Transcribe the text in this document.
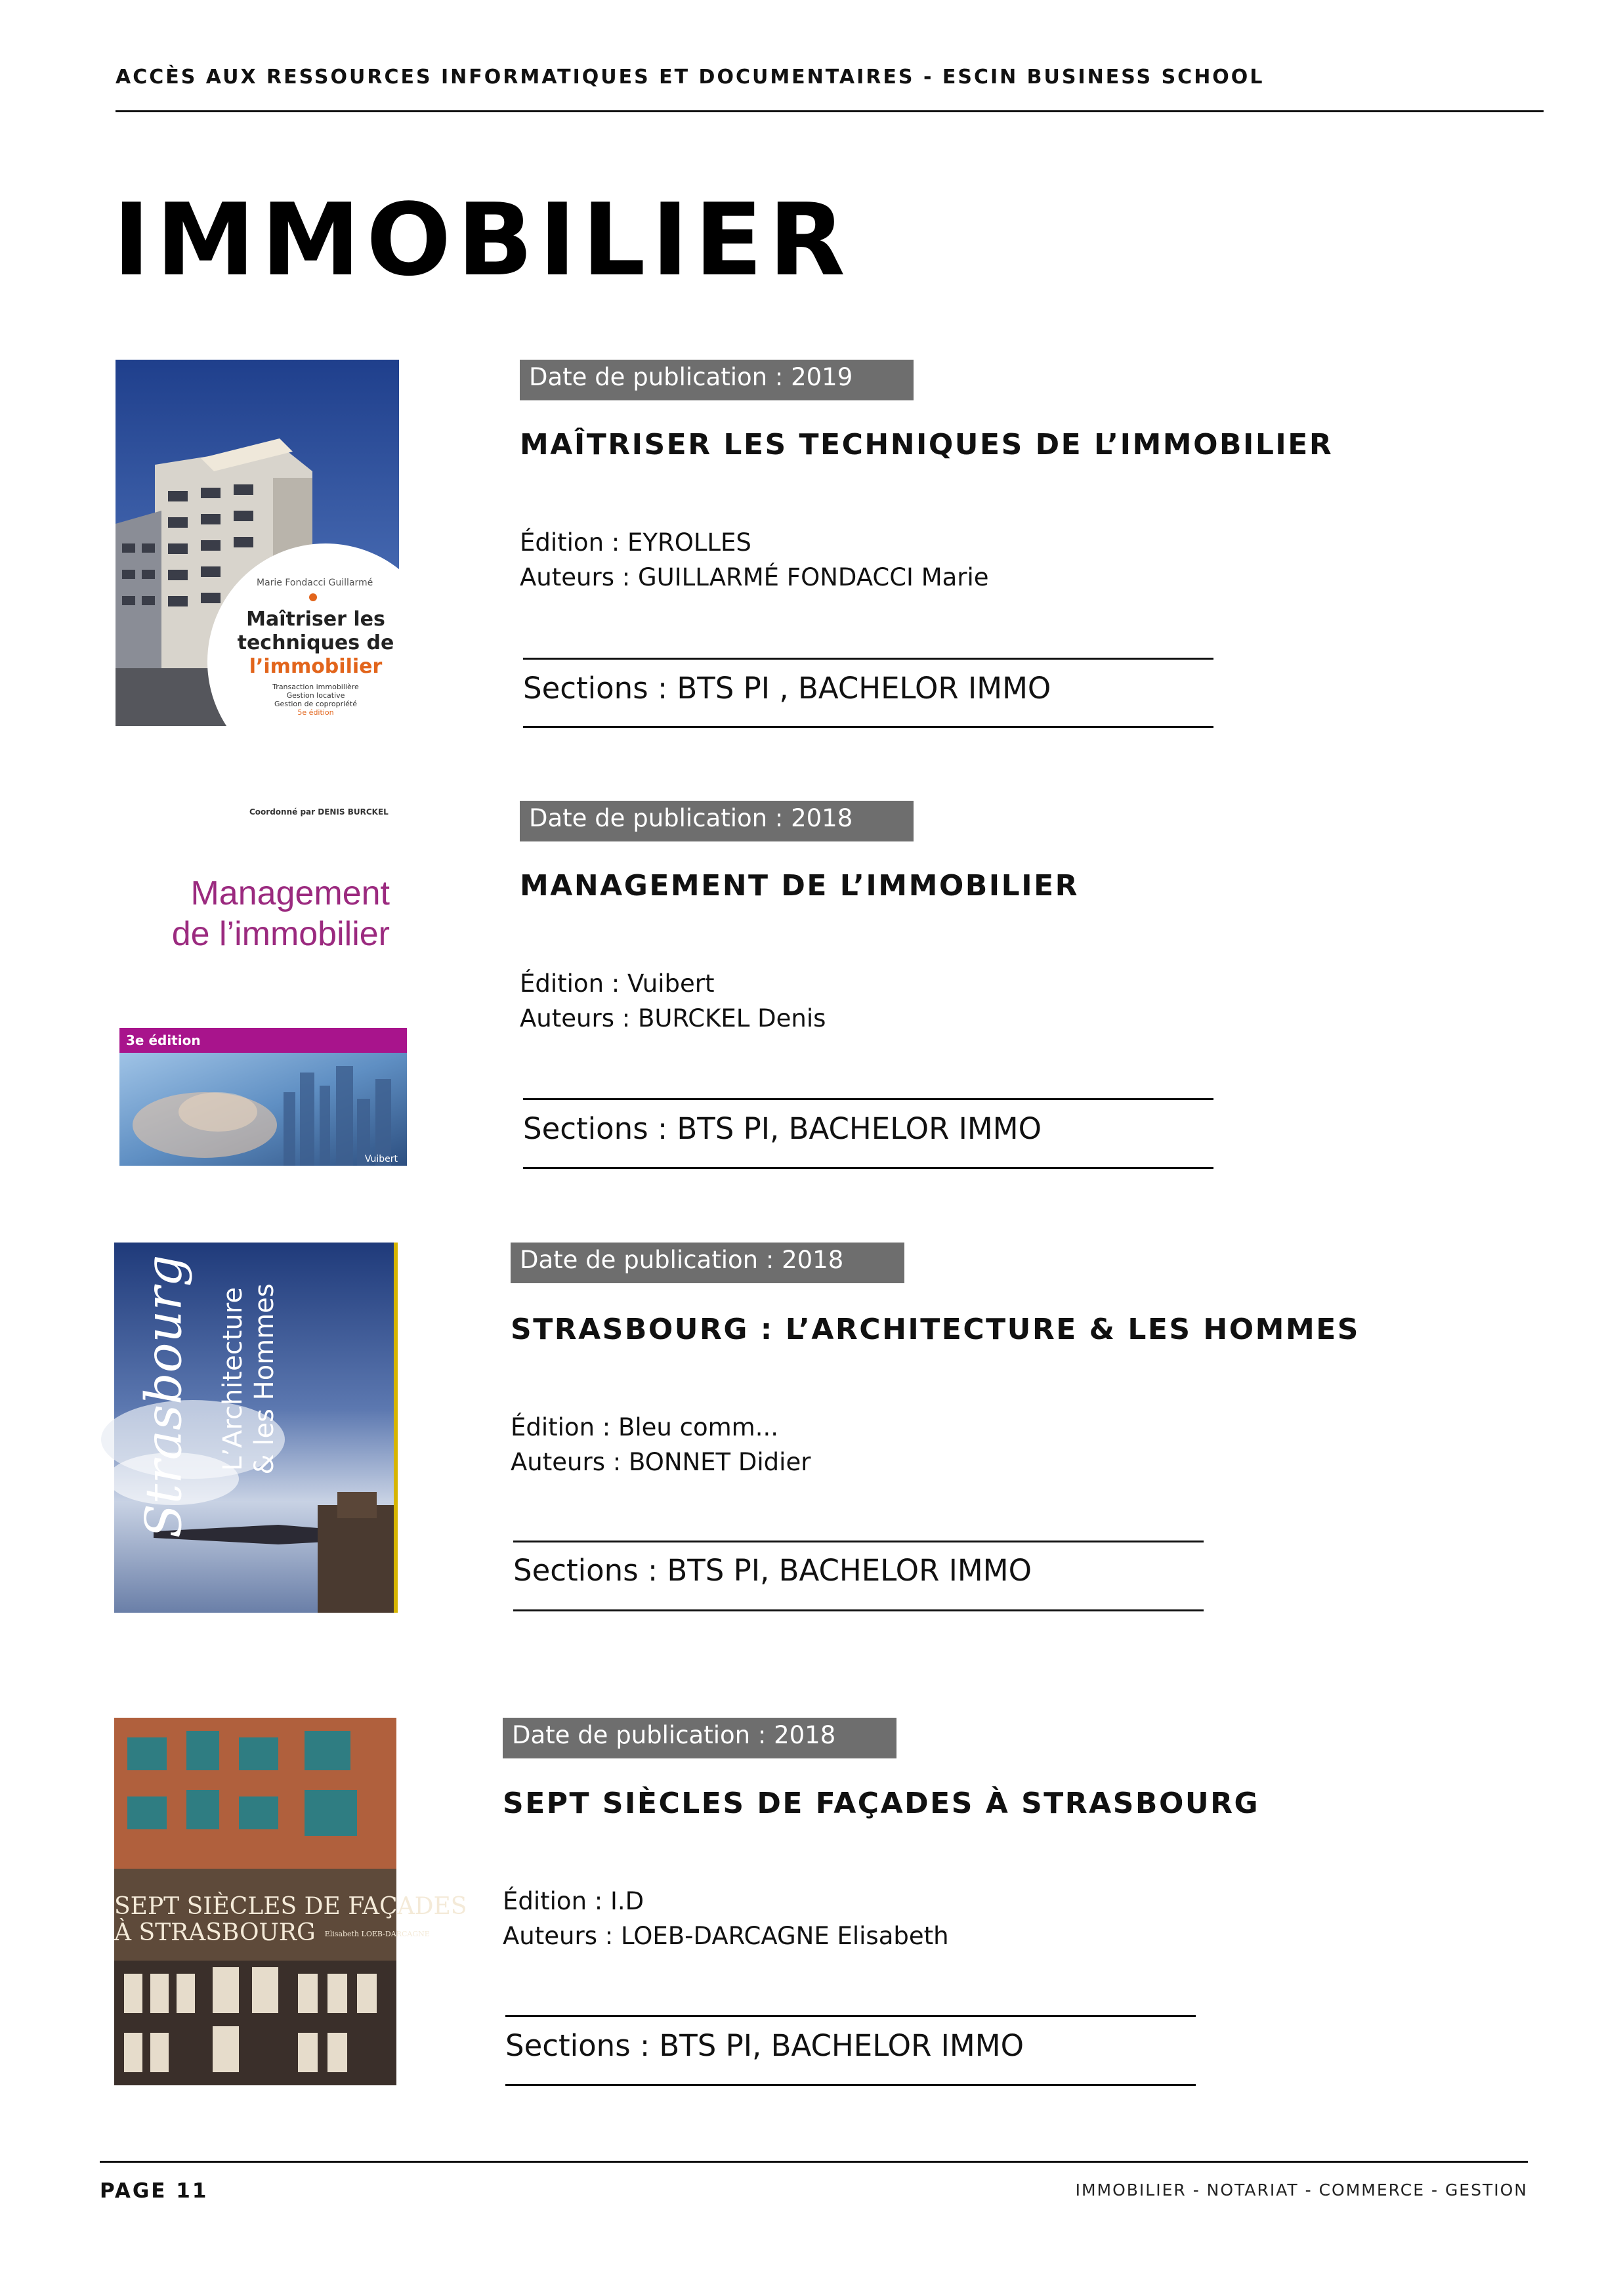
ACCÈS AUX RESSOURCES INFORMATIQUES ET DOCUMENTAIRES - ESCIN BUSINESS SCHOOL
IMMOBILIER
Marie Fondacci Guillarmé
Maîtriser les
techniques de
l’immobilier
Transaction immobilière
Gestion locative
Gestion de copropriété
5e édition
Date de publication : 2019
MAÎTRISER LES TECHNIQUES DE L’IMMOBILIER
Édition : EYROLLES
Auteurs : GUILLARMÉ FONDACCI Marie
Sections : BTS PI , BACHELOR IMMO
Coordonné par DENIS BURCKEL
Management
de l’immobilier
3e édition
Vuibert
Date de publication : 2018
MANAGEMENT DE L’IMMOBILIER
Édition : Vuibert
Auteurs : BURCKEL Denis
Sections : BTS PI, BACHELOR IMMO
Strasbourg L’Architecture & les Hommes
Date de publication : 2018
STRASBOURG : L’ARCHITECTURE & LES HOMMES
Édition : Bleu comm...
Auteurs : BONNET Didier
Sections : BTS PI, BACHELOR IMMO
SEPT SIÈCLES DE FAÇADES
À STRASBOURG Elisabeth LOEB-DARCAGNE
Date de publication : 2018
SEPT SIÈCLES DE FAÇADES À STRASBOURG
Édition : I.D
Auteurs : LOEB-DARCAGNE Elisabeth
Sections : BTS PI, BACHELOR IMMO
PAGE 11	IMMOBILIER - NOTARIAT - COMMERCE - GESTION
